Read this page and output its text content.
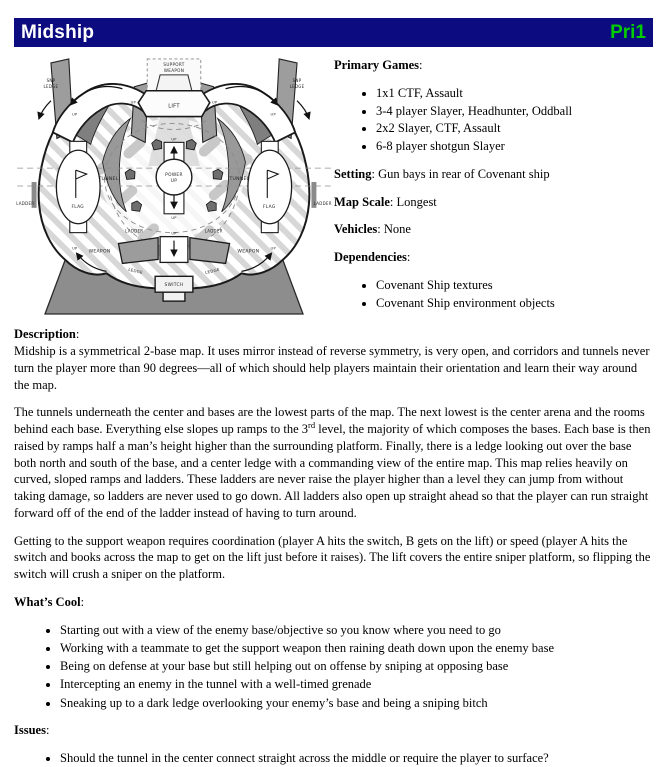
Midship	Pri1
FLAG	FLAG
LADDER	LADDER
POWER
UP
UP
UP
TUNNEL	TUNNEL
UP
LADDER	LADDER
LEDGE	LEDGE
SWITCH
WEAPON	WEAPON
SUPPORT
WEAPON
LIFT
UP	UP
SNP
LEDGE
SNP
LEDGE
UP	UP
UP	UP

Primary Games:

• 1x1 CTF, Assault
• 3-4 player Slayer, Headhunter, Oddball
• 2x2 Slayer, CTF, Assault
• 6-8 player shotgun Slayer

Setting: Gun bays in rear of Covenant ship

Map Scale: Longest

Vehicles: None

Dependencies:

• Covenant Ship textures
• Covenant Ship environment objects

Description:

Midship is a symmetrical 2-base map. It uses mirror instead of reverse symmetry, is very open, and corridors and tunnels never turn the player more than 90 degrees—all of which should help players maintain their orientation and learn their way around the map.

The tunnels underneath the center and bases are the lowest parts of the map. The next lowest is the center arena and the rooms behind each base. Everything else slopes up ramps to the 3rd level, the majority of which composes the bases. Each base is then raised by ramps half a man’s height higher than the surrounding platform. Finally, there is a ledge looking out over the base both north and south of the base, and a center ledge with a commanding view of the entire map. This map relies heavily on curved, sloped ramps and ladders. These ladders are never raise the player higher than a level they can jump from without taking damage, so ladders are never used to go down. All ladders also open up straight ahead so that the player can run straight forward off of the end of the ladder instead of having to turn around.

Getting to the support weapon requires coordination (player A hits the switch, B gets on the lift) or speed (player A hits the switch and books across the map to get on the lift just before it raises). The lift covers the entire sniper platform, so flipping the switch will crush a sniper on the platform.

What’s Cool:

• Starting out with a view of the enemy base/objective so you know where you need to go
• Working with a teammate to get the support weapon then raining death down upon the enemy base
• Being on defense at your base but still helping out on offense by sniping at opposing base
• Intercepting an enemy in the tunnel with a well-timed grenade
• Sneaking up to a dark ledge overlooking your enemy’s base and being a sniping bitch

Issues:

• Should the tunnel in the center connect straight across the middle or require the player to surface?
